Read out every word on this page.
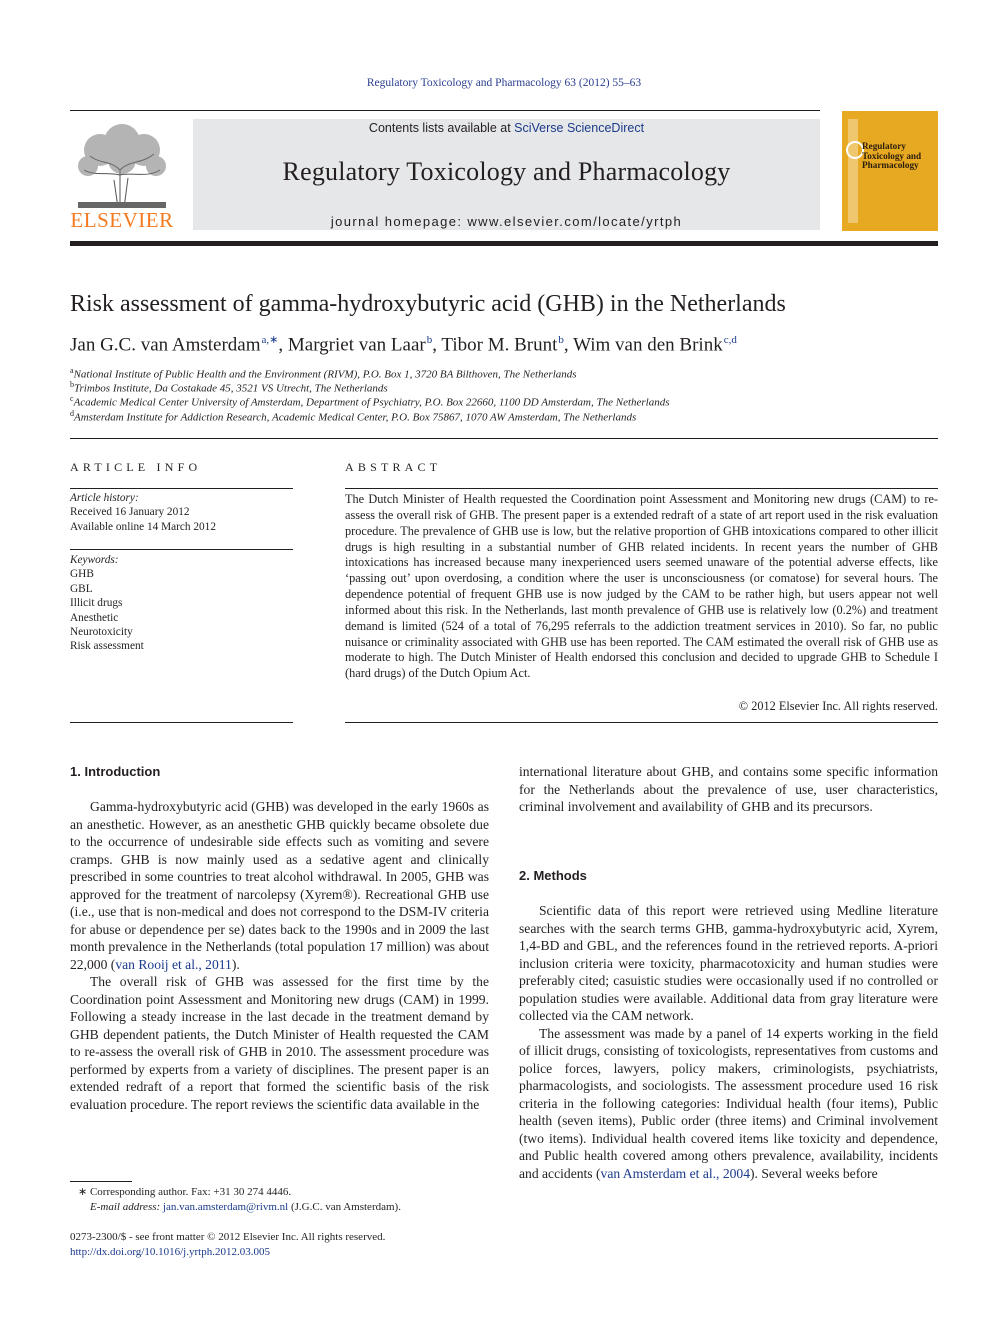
Regulatory Toxicology and Pharmacology 63 (2012) 55–63
ELSEVIER
Contents lists available at SciVerse ScienceDirect
Regulatory Toxicology and Pharmacology
journal homepage: www.elsevier.com/locate/yrtph
Regulatory Toxicology and Pharmacology
Risk assessment of gamma-hydroxybutyric acid (GHB) in the Netherlands
Jan G.C. van Amsterdam$^{a,∗}$, Margriet van Laar$^b$, Tibor M. Brunt$^b$, Wim van den Brink$^{c,d}$
$^a$National Institute of Public Health and the Environment (RIVM), P.O. Box 1, 3720 BA Bilthoven, The Netherlands
$^b$Trimbos Institute, Da Costakade 45, 3521 VS Utrecht, The Netherlands
$^c$Academic Medical Center University of Amsterdam, Department of Psychiatry, P.O. Box 22660, 1100 DD Amsterdam, The Netherlands
$^d$Amsterdam Institute for Addiction Research, Academic Medical Center, P.O. Box 75867, 1070 AW Amsterdam, The Netherlands
ARTICLE INFO
Article history:
Received 16 January 2012
Available online 14 March 2012
Keywords:
GHB
GBL
Illicit drugs
Anesthetic
Neurotoxicity
Risk assessment
ABSTRACT
The Dutch Minister of Health requested the Coordination point Assessment and Monitoring new drugs (CAM) to re-assess the overall risk of GHB. The present paper is a extended redraft of a state of art report used in the risk evaluation procedure. The prevalence of GHB use is low, but the relative proportion of GHB intoxications compared to other illicit drugs is high resulting in a substantial number of GHB related incidents. In recent years the number of GHB intoxications has increased because many inexperienced users seemed unaware of the potential adverse effects, like ‘passing out’ upon overdosing, a condition where the user is unconsciousness (or comatose) for several hours. The dependence potential of frequent GHB use is now judged by the CAM to be rather high, but users appear not well informed about this risk. In the Netherlands, last month prevalence of GHB use is relatively low (0.2%) and treatment demand is limited (524 of a total of 76,295 referrals to the addiction treatment services in 2010). So far, no public nuisance or criminality associated with GHB use has been reported. The CAM estimated the overall risk of GHB use as moderate to high. The Dutch Minister of Health endorsed this conclusion and decided to upgrade GHB to Schedule I (hard drugs) of the Dutch Opium Act.
© 2012 Elsevier Inc. All rights reserved.
1. Introduction

Gamma-hydroxybutyric acid (GHB) was developed in the early 1960s as an anesthetic. However, as an anesthetic GHB quickly became obsolete due to the occurrence of undesirable side effects such as vomiting and severe cramps. GHB is now mainly used as a sedative agent and clinically prescribed in some countries to treat alcohol withdrawal. In 2005, GHB was approved for the treatment of narcolepsy (Xyrem®). Recreational GHB use (i.e., use that is non-medical and does not correspond to the DSM-IV criteria for abuse or dependence per se) dates back to the 1990s and in 2009 the last month prevalence in the Netherlands (total population 17 million) was about 22,000 (van Rooij et al., 2011).

The overall risk of GHB was assessed for the first time by the Coordination point Assessment and Monitoring new drugs (CAM) in 1999. Following a steady increase in the last decade in the treatment demand by GHB dependent patients, the Dutch Minister of Health requested the CAM to re-assess the overall risk of GHB in 2010. The assessment procedure was performed by experts from a variety of disciplines. The present paper is an extended redraft of a report that formed the scientific basis of the risk evaluation procedure. The report reviews the scientific data available in the

∗ Corresponding author. Fax: +31 30 274 4446.
E-mail address: jan.van.amsterdam@rivm.nl (J.G.C. van Amsterdam).
0273-2300/$ - see front matter © 2012 Elsevier Inc. All rights reserved.
http://dx.doi.org/10.1016/j.yrtph.2012.03.005

international literature about GHB, and contains some specific information for the Netherlands about the prevalence of use, user characteristics, criminal involvement and availability of GHB and its precursors.

2. Methods

Scientific data of this report were retrieved using Medline literature searches with the search terms GHB, gamma-hydroxybutyric acid, Xyrem, 1,4-BD and GBL, and the references found in the retrieved reports. A-priori inclusion criteria were toxicity, pharmacotoxicity and human studies were preferably cited; casuistic studies were occasionally used if no controlled or population studies were available. Additional data from gray literature were collected via the CAM network.

The assessment was made by a panel of 14 experts working in the field of illicit drugs, consisting of toxicologists, representatives from customs and police forces, lawyers, policy makers, criminologists, psychiatrists, pharmacologists, and sociologists. The assessment procedure used 16 risk criteria in the following categories: Individual health (four items), Public health (seven items), Public order (three items) and Criminal involvement (two items). Individual health covered items like toxicity and dependence, and Public health covered among others prevalence, availability, incidents and accidents (van Amsterdam et al., 2004). Several weeks before
